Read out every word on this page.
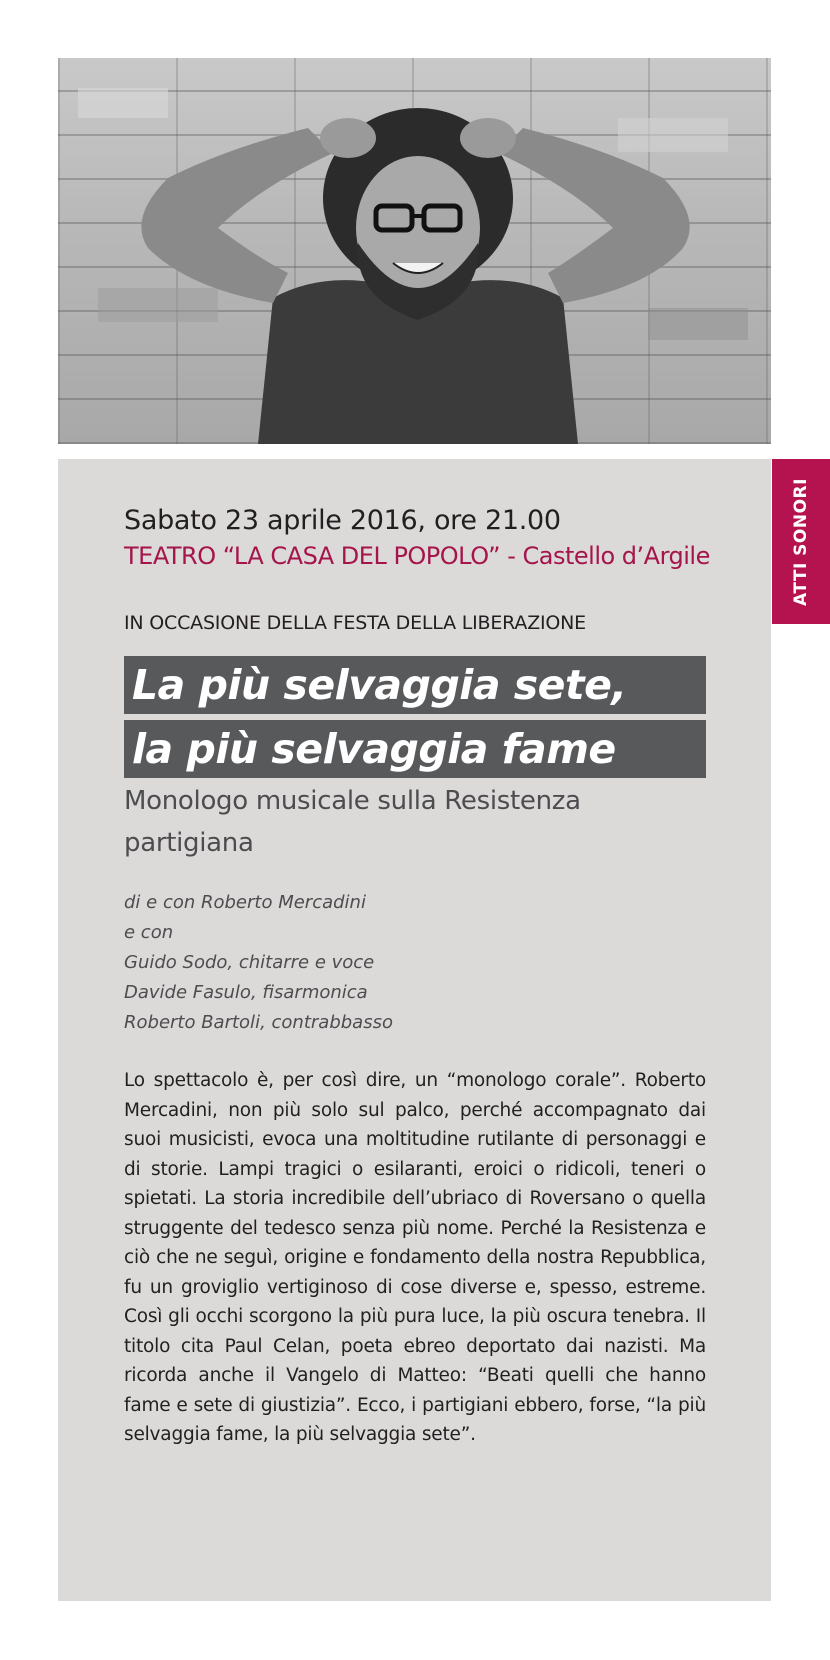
ATTI SONORI
Sabato 23 aprile 2016, ore 21.00
TEATRO “LA CASA DEL POPOLO” - Castello d’Argile
IN OCCASIONE DELLA FESTA DELLA LIBERAZIONE
La più selvaggia sete,
la più selvaggia fame
Monologo musicale sulla Resistenza partigiana
di e con Roberto Mercadini
e con
Guido Sodo, chitarre e voce
Davide Fasulo, fisarmonica
Roberto Bartoli, contrabbasso
Lo spettacolo è, per così dire, un “monologo corale”. Roberto Mercadini, non più solo sul palco, perché accompagnato dai suoi musicisti, evoca una moltitudine rutilante di personaggi e di storie. Lampi tragici o esilaranti, eroici o ridicoli, teneri o spietati. La storia incredibile dell’ubriaco di Roversano o quella struggente del tedesco senza più nome. Perché la Resistenza e ciò che ne seguì, origine e fondamento della nostra Repubblica, fu un groviglio vertiginoso di cose diverse e, spesso, estreme. Così gli occhi scorgono la più pura luce, la più oscura tenebra. Il titolo cita Paul Celan, poeta ebreo deportato dai nazisti. Ma ricorda anche il Vangelo di Matteo: “Beati quelli che hanno fame e sete di giustizia”. Ecco, i partigiani ebbero, forse, “la più selvaggia fame, la più selvaggia sete”.
